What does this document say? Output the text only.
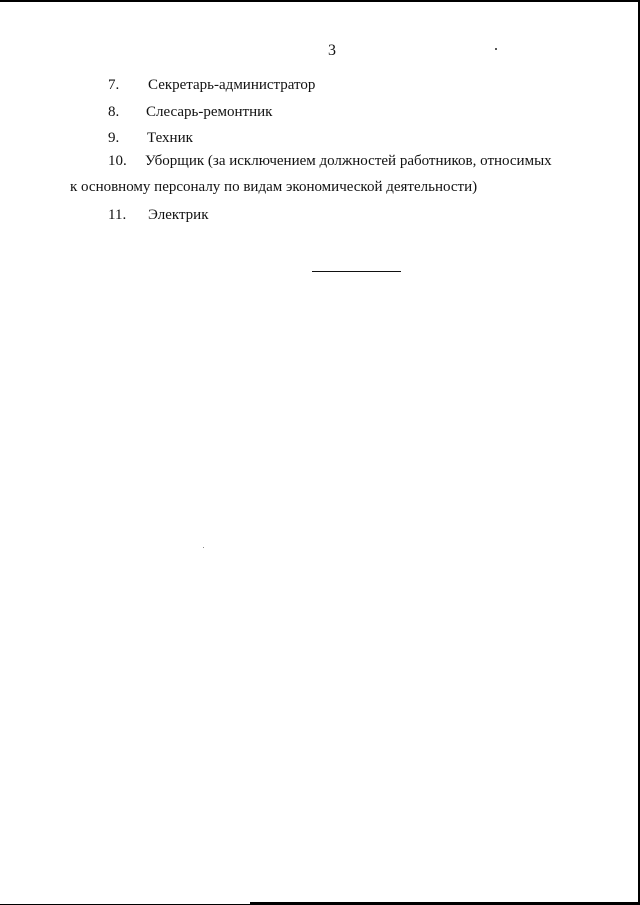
3
7. Секретарь-администратор
8. Слесарь-ремонтник
9. Техник
10. Уборщик (за исключением должностей работников, относимых
к основному персоналу по видам экономической деятельности)
11. Электрик
